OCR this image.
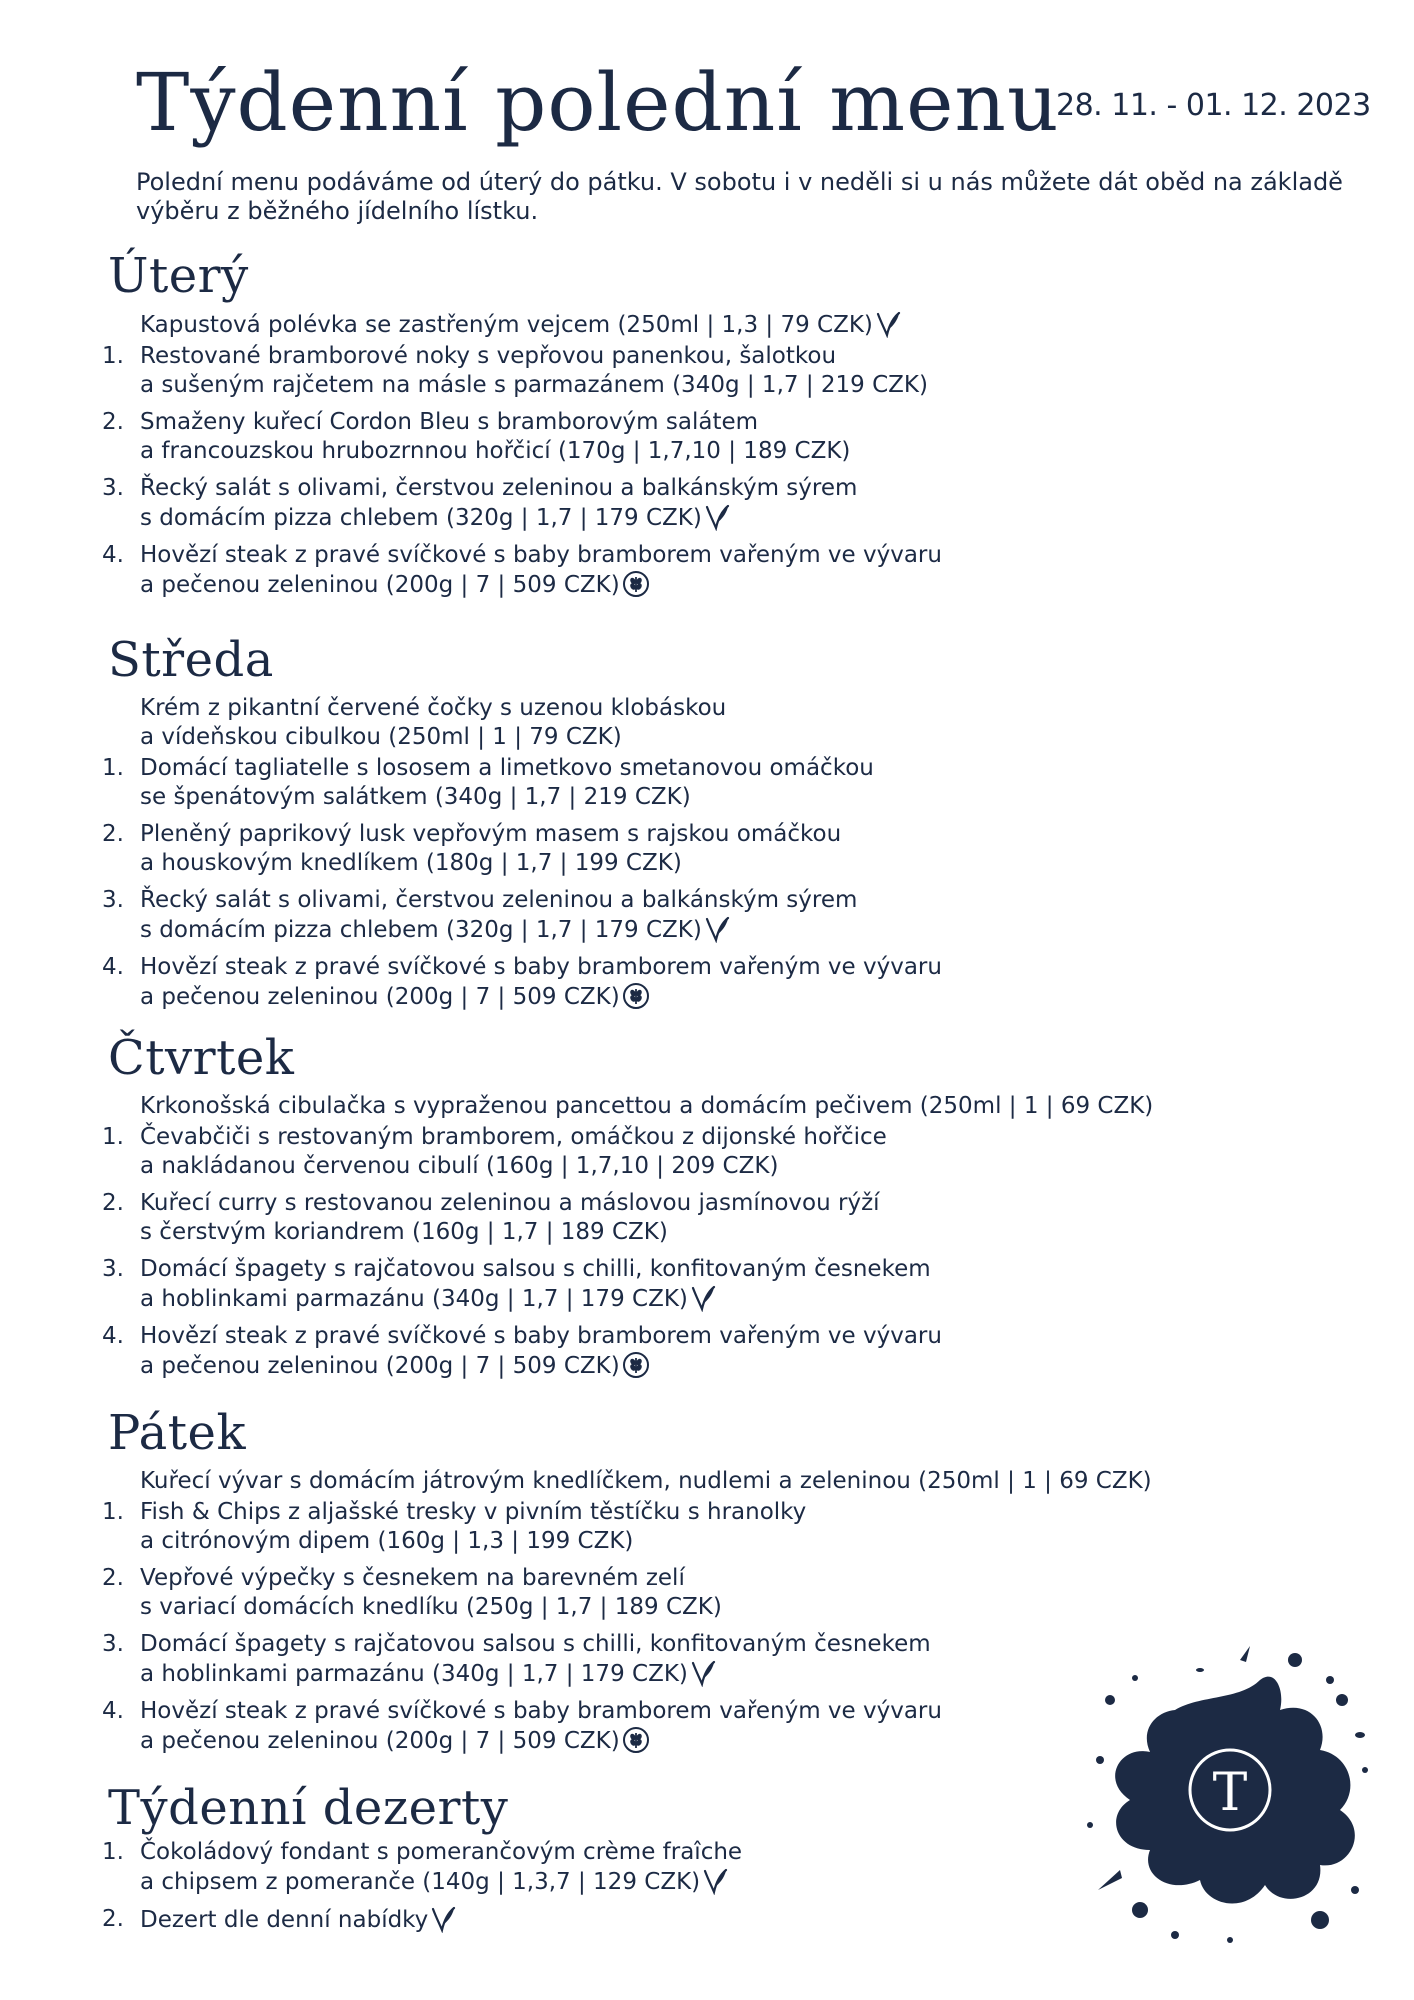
Týdenní polední menu
28. 11. - 01. 12. 2023
Polední menu podáváme od úterý do pátku. V sobotu i v neděli si u nás můžete dát oběd na základě výběru z běžného jídelního lístku.
Úterý
Kapustová polévka se zastřeným vejcem (250ml | 1,3 | 79 CZK)
1. Restované bramborové noky s vepřovou panenkou, šalotkou
a sušeným rajčetem na másle s parmazánem (340g | 1,7 | 219 CZK)
2. Smaženy kuřecí Cordon Bleu s bramborovým salátem
a francouzskou hrubozrnnou hořčicí (170g | 1,7,10 | 189 CZK)
3. Řecký salát s olivami, čerstvou zeleninou a balkánským sýrem
s domácím pizza chlebem (320g | 1,7 | 179 CZK)
4. Hovězí steak z pravé svíčkové s baby bramborem vařeným ve vývaru
a pečenou zeleninou (200g | 7 | 509 CZK)
Středa
Krém z pikantní červené čočky s uzenou klobáskou
a vídeňskou cibulkou (250ml | 1 | 79 CZK)
1. Domácí tagliatelle s lososem a limetkovo smetanovou omáčkou
se špenátovým salátkem (340g | 1,7 | 219 CZK)
2. Pleněný paprikový lusk vepřovým masem s rajskou omáčkou
a houskovým knedlíkem (180g | 1,7 | 199 CZK)
3. Řecký salát s olivami, čerstvou zeleninou a balkánským sýrem
s domácím pizza chlebem (320g | 1,7 | 179 CZK)
4. Hovězí steak z pravé svíčkové s baby bramborem vařeným ve vývaru
a pečenou zeleninou (200g | 7 | 509 CZK)
Čtvrtek
Krkonošská cibulačka s vypraženou pancettou a domácím pečivem (250ml | 1 | 69 CZK)
1. Čevabčiči s restovaným bramborem, omáčkou z dijonské hořčice
a nakládanou červenou cibulí (160g | 1,7,10 | 209 CZK)
2. Kuřecí curry s restovanou zeleninou a máslovou jasmínovou rýží
s čerstvým koriandrem (160g | 1,7 | 189 CZK)
3. Domácí špagety s rajčatovou salsou s chilli, konfitovaným česnekem
a hoblinkami parmazánu (340g | 1,7 | 179 CZK)
4. Hovězí steak z pravé svíčkové s baby bramborem vařeným ve vývaru
a pečenou zeleninou (200g | 7 | 509 CZK)
Pátek
Kuřecí vývar s domácím játrovým knedlíčkem, nudlemi a zeleninou (250ml | 1 | 69 CZK)
1. Fish & Chips z aljašské tresky v pivním těstíčku s hranolky
a citrónovým dipem (160g | 1,3 | 199 CZK)
2. Vepřové výpečky s česnekem na barevném zelí
s variací domácích knedlíku (250g | 1,7 | 189 CZK)
3. Domácí špagety s rajčatovou salsou s chilli, konfitovaným česnekem
a hoblinkami parmazánu (340g | 1,7 | 179 CZK)
4. Hovězí steak z pravé svíčkové s baby bramborem vařeným ve vývaru
a pečenou zeleninou (200g | 7 | 509 CZK)
Týdenní dezerty
1. Čokoládový fondant s pomerančovým crème fraîche
a chipsem z pomeranče (140g | 1,3,7 | 129 CZK)
2. Dezert dle denní nabídky
T
